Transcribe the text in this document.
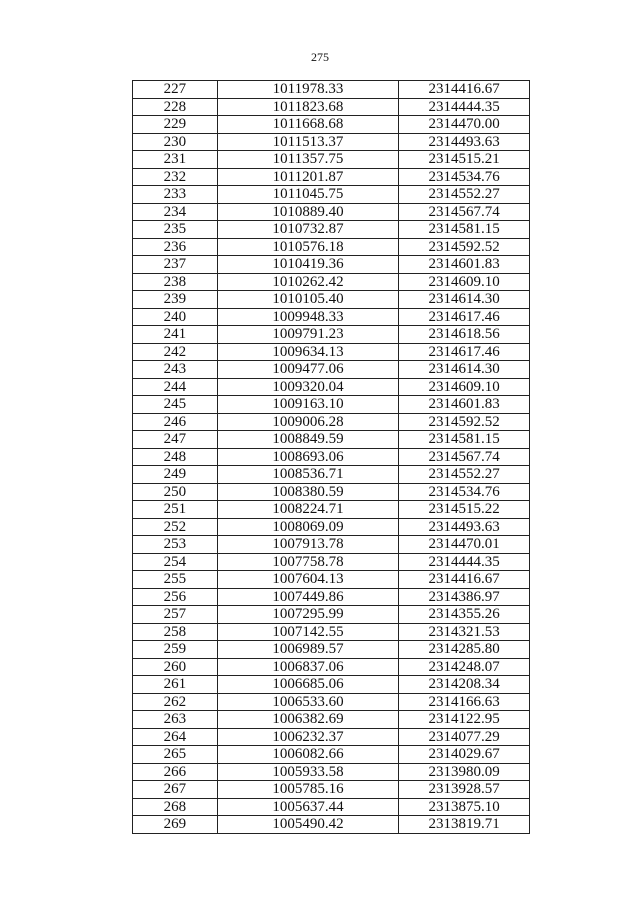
275
227	1011978.33	2314416.67
228	1011823.68	2314444.35
229	1011668.68	2314470.00
230	1011513.37	2314493.63
231	1011357.75	2314515.21
232	1011201.87	2314534.76
233	1011045.75	2314552.27
234	1010889.40	2314567.74
235	1010732.87	2314581.15
236	1010576.18	2314592.52
237	1010419.36	2314601.83
238	1010262.42	2314609.10
239	1010105.40	2314614.30
240	1009948.33	2314617.46
241	1009791.23	2314618.56
242	1009634.13	2314617.46
243	1009477.06	2314614.30
244	1009320.04	2314609.10
245	1009163.10	2314601.83
246	1009006.28	2314592.52
247	1008849.59	2314581.15
248	1008693.06	2314567.74
249	1008536.71	2314552.27
250	1008380.59	2314534.76
251	1008224.71	2314515.22
252	1008069.09	2314493.63
253	1007913.78	2314470.01
254	1007758.78	2314444.35
255	1007604.13	2314416.67
256	1007449.86	2314386.97
257	1007295.99	2314355.26
258	1007142.55	2314321.53
259	1006989.57	2314285.80
260	1006837.06	2314248.07
261	1006685.06	2314208.34
262	1006533.60	2314166.63
263	1006382.69	2314122.95
264	1006232.37	2314077.29
265	1006082.66	2314029.67
266	1005933.58	2313980.09
267	1005785.16	2313928.57
268	1005637.44	2313875.10
269	1005490.42	2313819.71
